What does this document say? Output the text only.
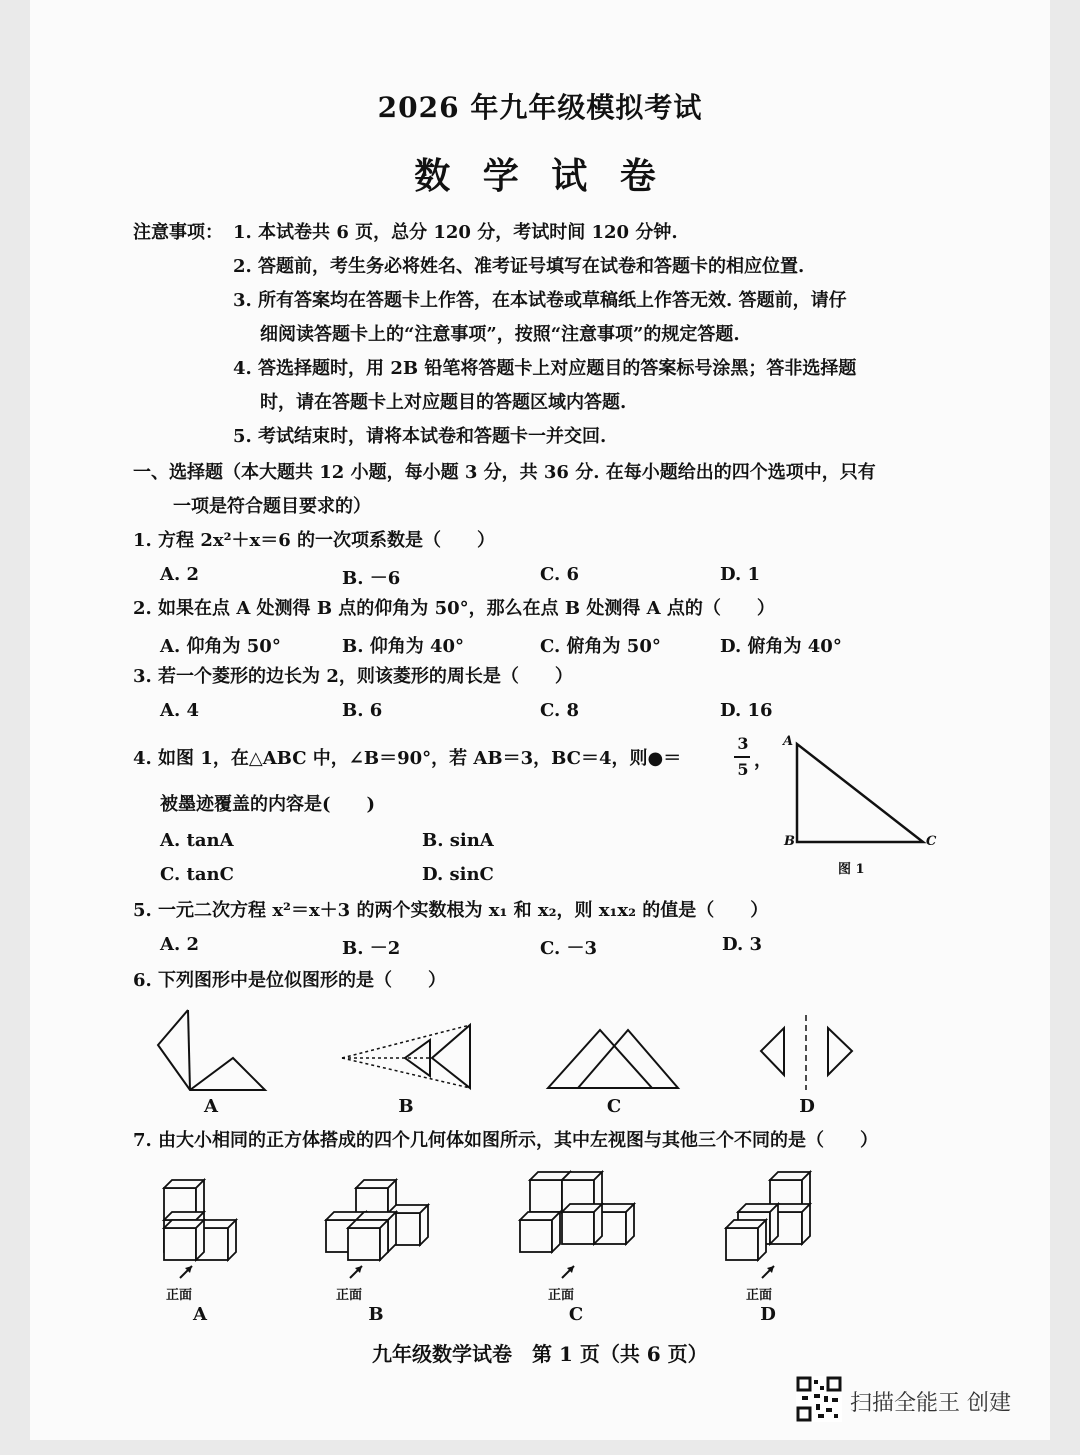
2026 年九年级模拟考试
数 学 试 卷
注意事项： 1. 本试卷共 6 页，总分 120 分，考试时间 120 分钟.
2. 答题前，考生务必将姓名、准考证号填写在试卷和答题卡的相应位置.
3. 所有答案均在答题卡上作答，在本试卷或草稿纸上作答无效. 答题前，请仔
细阅读答题卡上的“注意事项”，按照“注意事项”的规定答题.
4. 答选择题时，用 2B 铅笔将答题卡上对应题目的答案标号涂黑；答非选择题
时，请在答题卡上对应题目的答题区域内答题.
5. 考试结束时，请将本试卷和答题卡一并交回.
一、选择题（本大题共 12 小题，每小题 3 分，共 36 分. 在每小题给出的四个选项中，只有
一项是符合题目要求的）
1. 方程 2x²＋x＝6 的一次项系数是（　　）
A. 2	B. －6	C. 6	D. 1
2. 如果在点 A 处测得 B 点的仰角为 50°，那么在点 B 处测得 A 点的（　　）
A. 仰角为 50°	B. 仰角为 40°	C. 俯角为 50°	D. 俯角为 40°
3. 若一个菱形的边长为 2，则该菱形的周长是（　　）
A. 4	B. 6	C. 8	D. 16
4. 如图 1，在△ABC 中，∠B＝90°，若 AB＝3，BC＝4，则●＝
3
5 ，
被墨迹覆盖的内容是(　　)
A. tanA	B. sinA
C. tanC	D. sinC
A
B	C
图 1
5. 一元二次方程 x²＝x＋3 的两个实数根为 x₁ 和 x₂，则 x₁x₂ 的值是（　　）
A. 2	B. －2	C. －3	D. 3
6. 下列图形中是位似图形的是（　　）
A	B	C	D
7. 由大小相同的正方体搭成的四个几何体如图所示，其中左视图与其他三个不同的是（　　）
正面	正面	正面	正面
A	B	C	D
九年级数学试卷　第 1 页（共 6 页）
扫描全能王 创建
